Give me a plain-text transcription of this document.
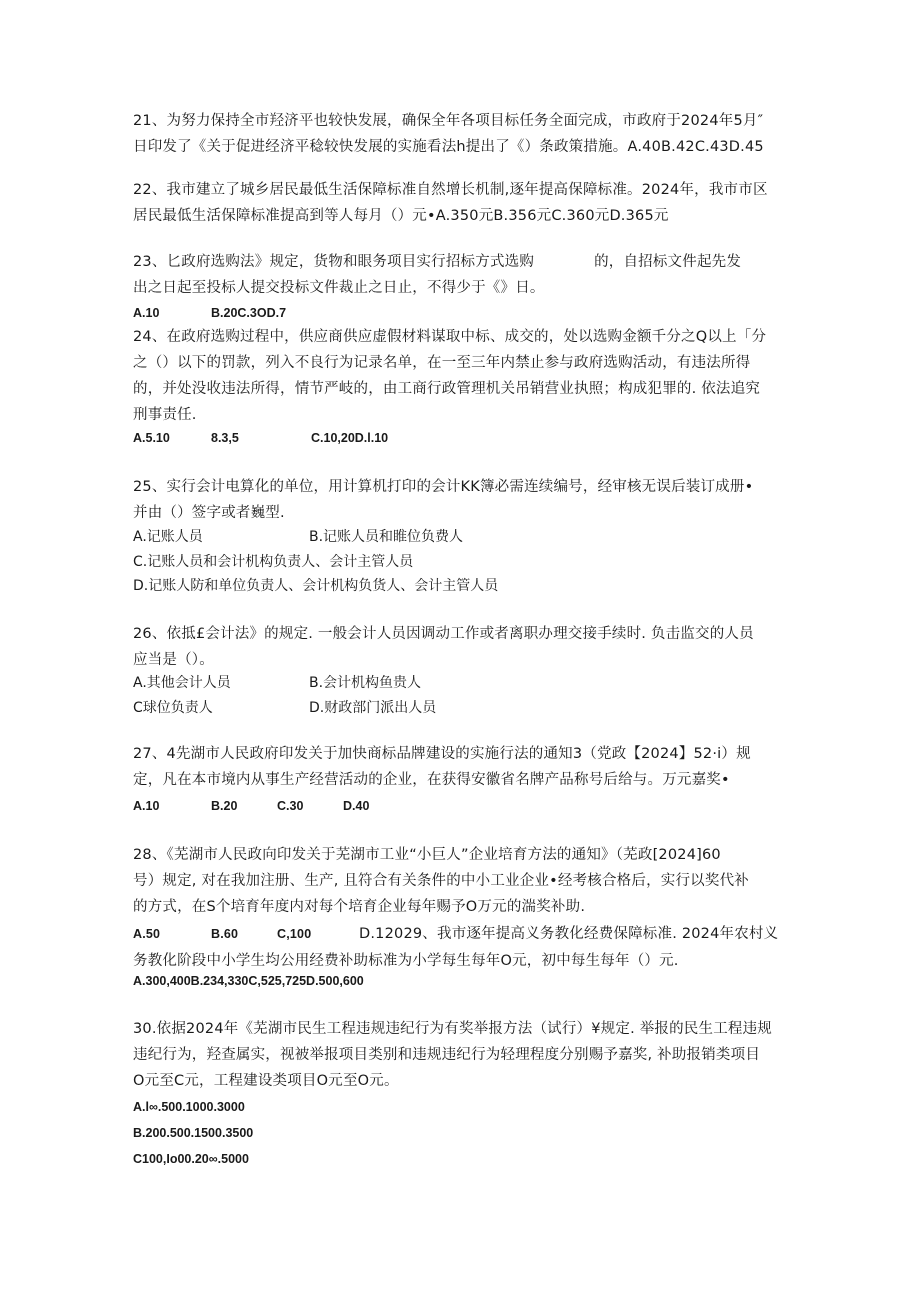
21、为努力保持全市羟济平也较快发展，确保全年各项目标任务全面完成，市政府于2024年5月″
日印发了《关于促进经济平稔较快发展的实施看法h提出了《）条政策措施。A.40B.42C.43D.45
22、我市建立了城乡居民最低生活保障标准自然增长机制,逐年提高保障标准。2024年，我市市区
居民最低生活保障标准提高到等人每月（）元•A.350元B.356元C.360元D.365元
23、匕政府选购法》规定，货物和眼务项目实行招标方式选购	的，自招标文件起先发
出之日起至投标人提交投标文件裁止之日止，不得少于《》日。
A.10	B.20C.3OD.7
24、在政府选购过程中，供应商供应虚假材料谋取中标、成交的，处以选购金额千分之Q以上「分
之（）以下的罚款，列入不良行为记录名单，在一至三年内禁止参与政府选购活动，有违法所得
的，并处没收违法所得，情节严岐的，由工商行政管理机关吊销营业执照；构成犯罪的. 依法追究
刑事责任.
A.5.10	8.3,5	C.10,20D.l.10
25、实行会计电算化的单位，用计算机打印的会计KK簿必需连续编号，经审核无误后装订成册•
并由（）签字或者巍型.
A.记账人员	B.记账人员和睢位负费人
C.记账人员和会计机构负责人、会计主管人员
D.记账人防和单位负责人、会计机构负货人、会计主管人员
26、依抵£会计法》的规定. 一般会计人员因调动工作或者离职办理交接手续时. 负击监交的人员
应当是（）。
A.其他会计人员	B.会计机构鱼贵人
C球位负责人	D.财政部门派出人员
27、4先湖市人民政府印发关于加快商标品牌建设的实施行法的通知3（党政【2024】52·i）规
定，凡在本市境内从事生产经营活动的企业，在获得安徽省名牌产品称号后给与。万元嘉奖•
A.10	B.20	C.30	D.40
28、《芜湖市人民政向印发关于芜湖市工业“小巨人”企业培育方法的通知》（芜政[2024]60
号）规定, 对在我加注册、生产, 且符合有关条件的中小工业企业•经考核合格后，实行以奖代补
的方式，在S个培育年度内对每个培育企业每年赐予O万元的湍奖补助.
A.50	B.60	C,100	D.12029、我市逐年提高义务教化经费保障标准. 2024年农村义
务教化阶段中小学生均公用经费补助标准为小学每生每年O元，初中每生每年（）元.
A.300,400B.234,330C,525,725D.500,600
30.依据2024年《芜湖市民生工程违规违纪行为有奖举报方法（试行）¥规定. 举报的民生工程违规
违纪行为，羟查属实，视被举报项目类别和违规违纪行为轻理程度分别赐予嘉奖, 补助报销类项目
O元至C元，工程建设类项目O元至O元。
A.l∞.500.1000.3000
B.200.500.1500.3500
C100,Io00.20∞.5000
